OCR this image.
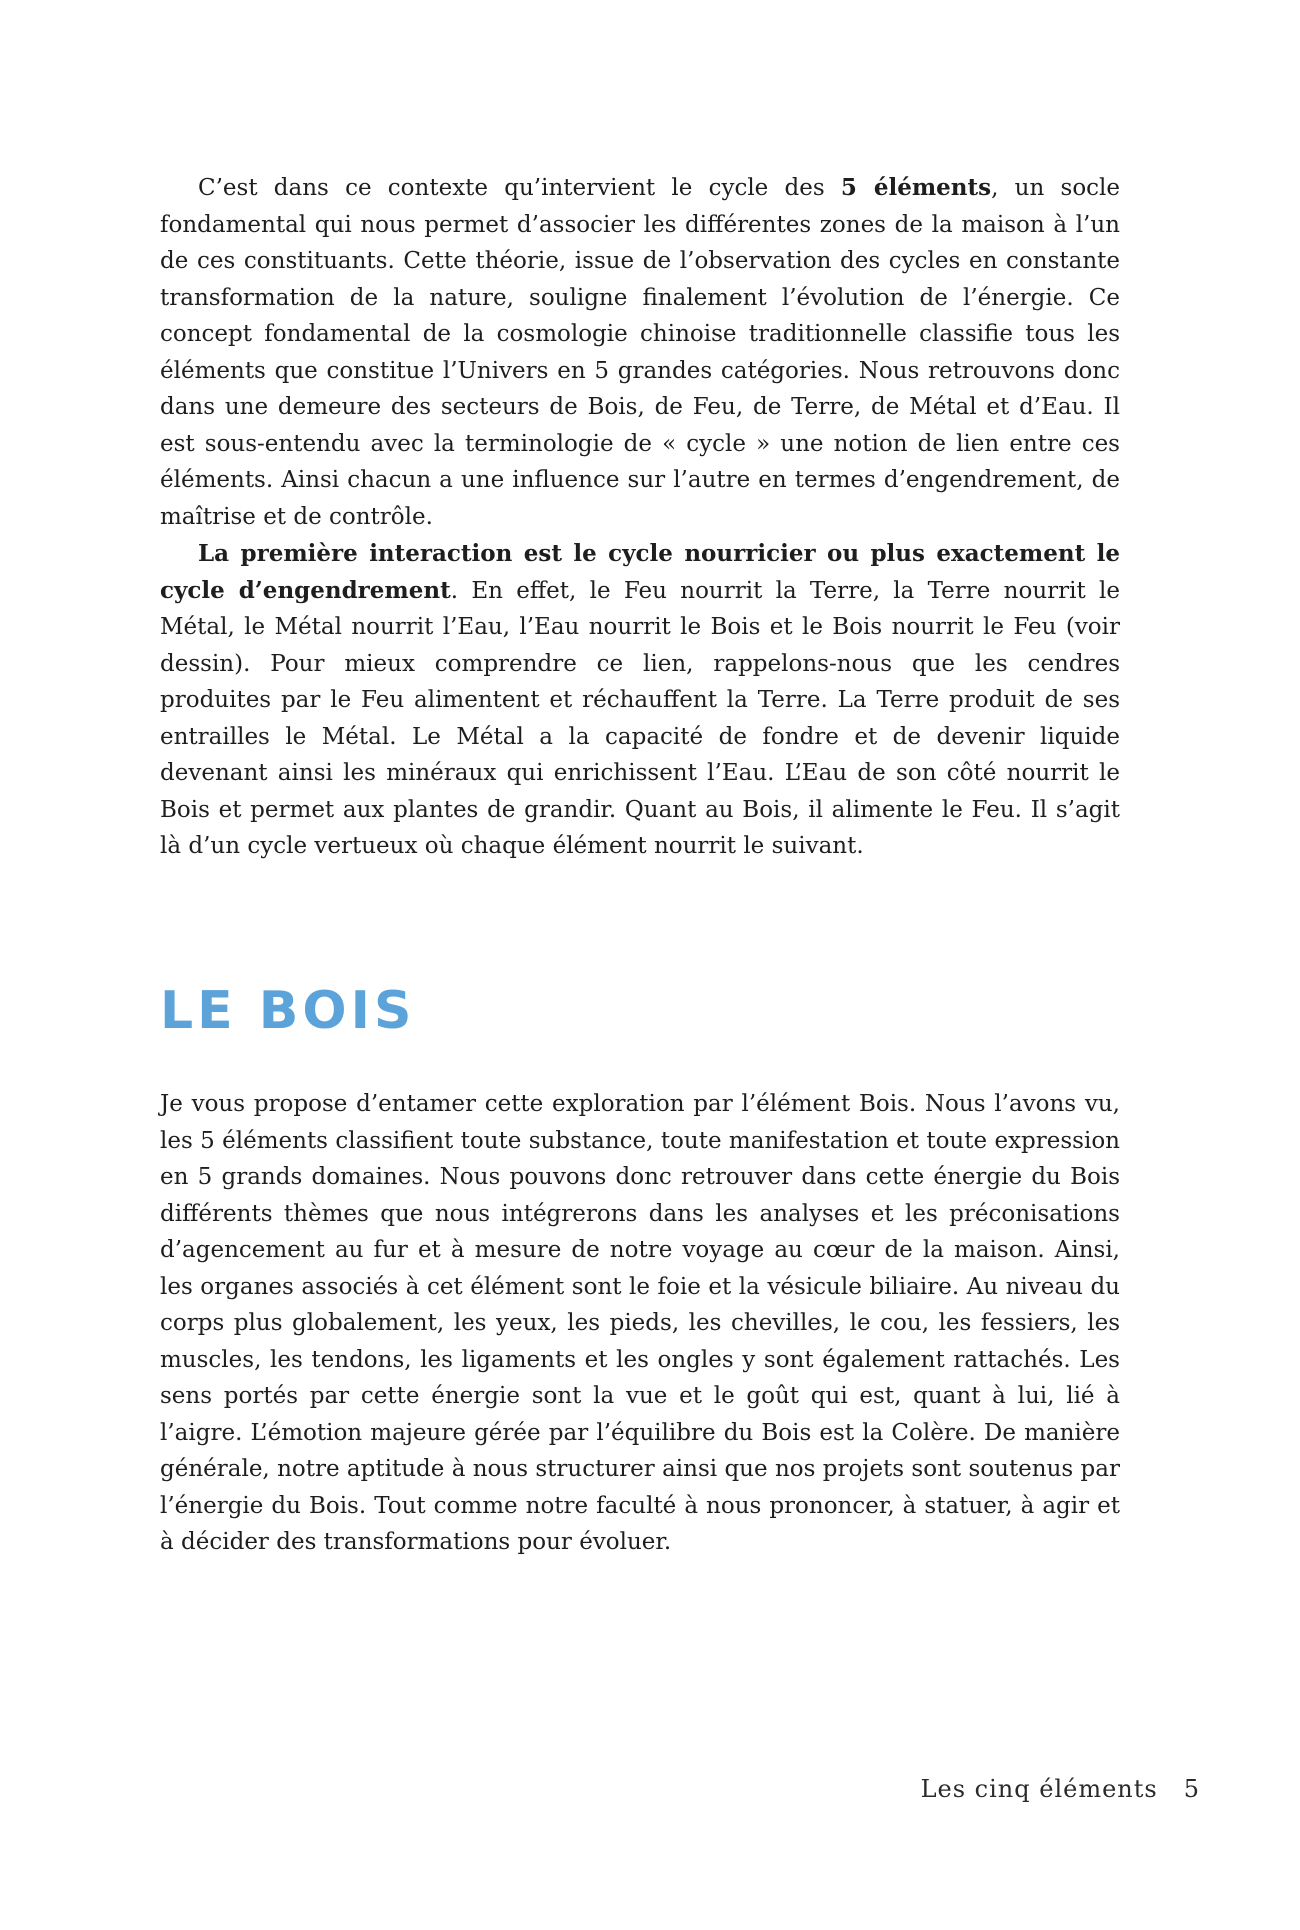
C’est dans ce contexte qu’intervient le cycle des 5 éléments, un socle fondamental qui nous permet d’associer les différentes zones de la maison à l’un de ces constituants. Cette théorie, issue de l’observation des cycles en constante transformation de la nature, souligne finalement l’évolution de l’énergie. Ce concept fondamental de la cosmologie chinoise traditionnelle classifie tous les éléments que constitue l’Univers en 5 grandes catégories. Nous retrouvons donc dans une demeure des secteurs de Bois, de Feu, de Terre, de Métal et d’Eau. Il est sous-entendu avec la terminologie de « cycle » une notion de lien entre ces éléments. Ainsi chacun a une influence sur l’autre en termes d’engendrement, de maîtrise et de contrôle.

La première interaction est le cycle nourricier ou plus exactement le cycle d’engendrement. En effet, le Feu nourrit la Terre, la Terre nourrit le Métal, le Métal nourrit l’Eau, l’Eau nourrit le Bois et le Bois nourrit le Feu (voir dessin). Pour mieux comprendre ce lien, rappelons-nous que les cendres produites par le Feu alimentent et réchauffent la Terre. La Terre produit de ses entrailles le Métal. Le Métal a la capacité de fondre et de devenir liquide devenant ainsi les minéraux qui enrichissent l’Eau. L’Eau de son côté nourrit le Bois et permet aux plantes de grandir. Quant au Bois, il alimente le Feu. Il s’agit là d’un cycle vertueux où chaque élément nourrit le suivant.

LE BOIS

Je vous propose d’entamer cette exploration par l’élément Bois. Nous l’avons vu, les 5 éléments classifient toute substance, toute manifestation et toute expression en 5 grands domaines. Nous pouvons donc retrouver dans cette énergie du Bois différents thèmes que nous intégrerons dans les analyses et les préconisations d’agencement au fur et à mesure de notre voyage au cœur de la maison. Ainsi, les organes associés à cet élément sont le foie et la vésicule biliaire. Au niveau du corps plus globalement, les yeux, les pieds, les chevilles, le cou, les fessiers, les muscles, les tendons, les ligaments et les ongles y sont également rattachés. Les sens portés par cette énergie sont la vue et le goût qui est, quant à lui, lié à l’aigre. L’émotion majeure gérée par l’équilibre du Bois est la Colère. De manière générale, notre aptitude à nous structurer ainsi que nos projets sont soutenus par l’énergie du Bois. Tout comme notre faculté à nous prononcer, à statuer, à agir et à décider des transformations pour évoluer.

Les cinq éléments 5
